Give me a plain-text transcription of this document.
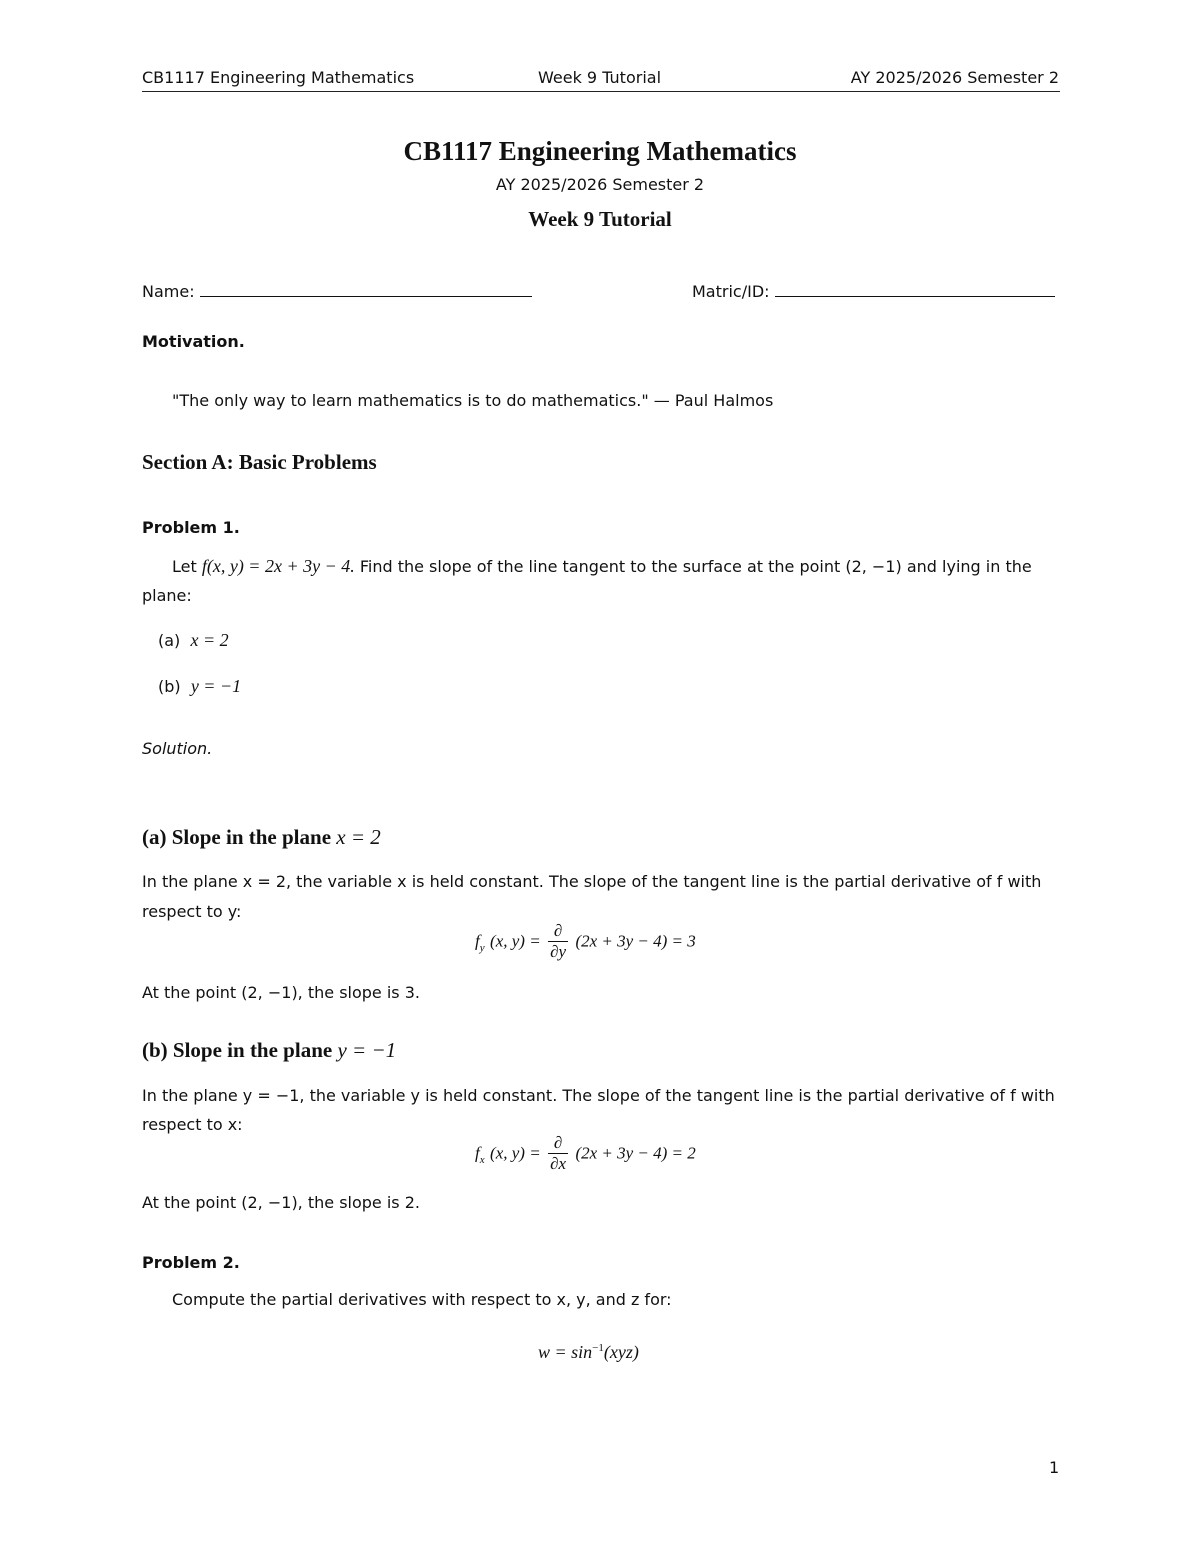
CB1117 Engineering Mathematics	Week 9 Tutorial	AY 2025/2026 Semester 2
CB1117 Engineering Mathematics
AY 2025/2026 Semester 2
Week 9 Tutorial
Name:	Matric/ID:
Motivation.
"The only way to learn mathematics is to do mathematics." — Paul Halmos
Section A: Basic Problems
Problem 1.
Let f(x, y) = 2x + 3y − 4. Find the slope of the line tangent to the surface at the point (2, −1) and lying in the
plane:
(a) x = 2
(b) y = −1
Solution.
(a) Slope in the plane x = 2
In the plane x = 2, the variable x is held constant. The slope of the tangent line is the partial derivative of f with
respect to y:
$f_y$ (x, $y) = \frac{\partial}{\partial y} (2x + 3y - 4) = 3$
At the point (2, −1), the slope is 3.
(b) Slope in the plane y = −1
In the plane y = −1, the variable y is held constant. The slope of the tangent line is the partial derivative of f with
respect to x:
$f_x$ (x, $y) = \frac{\partial}{\partial x} (2x + 3y - 4) = 2$
At the point (2, −1), the slope is 2.
Problem 2.
Compute the partial derivatives with respect to x, y, and z for:
$w = \sin^{-1}(xyz)$
1
